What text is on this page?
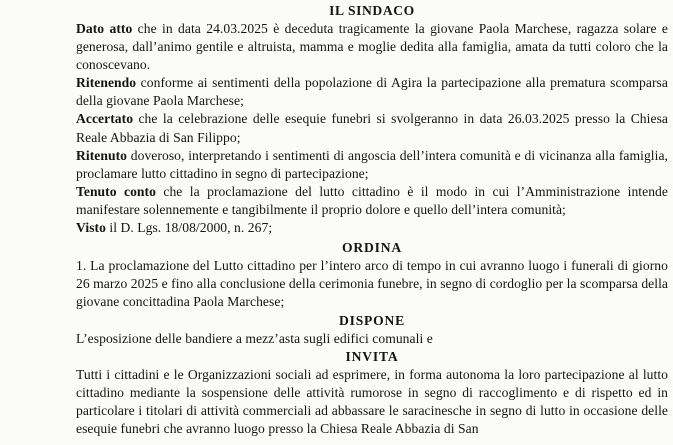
IL SINDACO

Dato atto che in data 24.03.2025 è deceduta tragicamente la giovane Paola Marchese, ragazza solare e generosa, dall’animo gentile e altruista, mamma e moglie dedita alla famiglia, amata da tutti coloro che la conoscevano.

Ritenendo conforme ai sentimenti della popolazione di Agira la partecipazione alla prematura scomparsa della giovane Paola Marchese;

Accertato che la celebrazione delle esequie funebri si svolgeranno in data 26.03.2025 presso la Chiesa Reale Abbazia di San Filippo;

Ritenuto doveroso, interpretando i sentimenti di angoscia dell’intera comunità e di vicinanza alla famiglia, proclamare lutto cittadino in segno di partecipazione;

Tenuto conto che la proclamazione del lutto cittadino è il modo in cui l’Amministrazione intende manifestare solennemente e tangibilmente il proprio dolore e quello dell’intera comunità;

Visto il D. Lgs. 18/08/2000, n. 267;

ORDINA

1. La proclamazione del Lutto cittadino per l’intero arco di tempo in cui avranno luogo i funerali di giorno 26 marzo 2025 e fino alla conclusione della cerimonia funebre, in segno di cordoglio per la scomparsa della giovane concittadina Paola Marchese;

DISPONE

L’esposizione delle bandiere a mezz’asta sugli edifici comunali e

INVITA

Tutti i cittadini e le Organizzazioni sociali ad esprimere, in forma autonoma la loro partecipazione al lutto cittadino mediante la sospensione delle attività rumorose in segno di raccoglimento e di rispetto ed in particolare i titolari di attività commerciali ad abbassare le saracinesche in segno di lutto in occasione delle esequie funebri che avranno luogo presso la Chiesa Reale Abbazia di San
